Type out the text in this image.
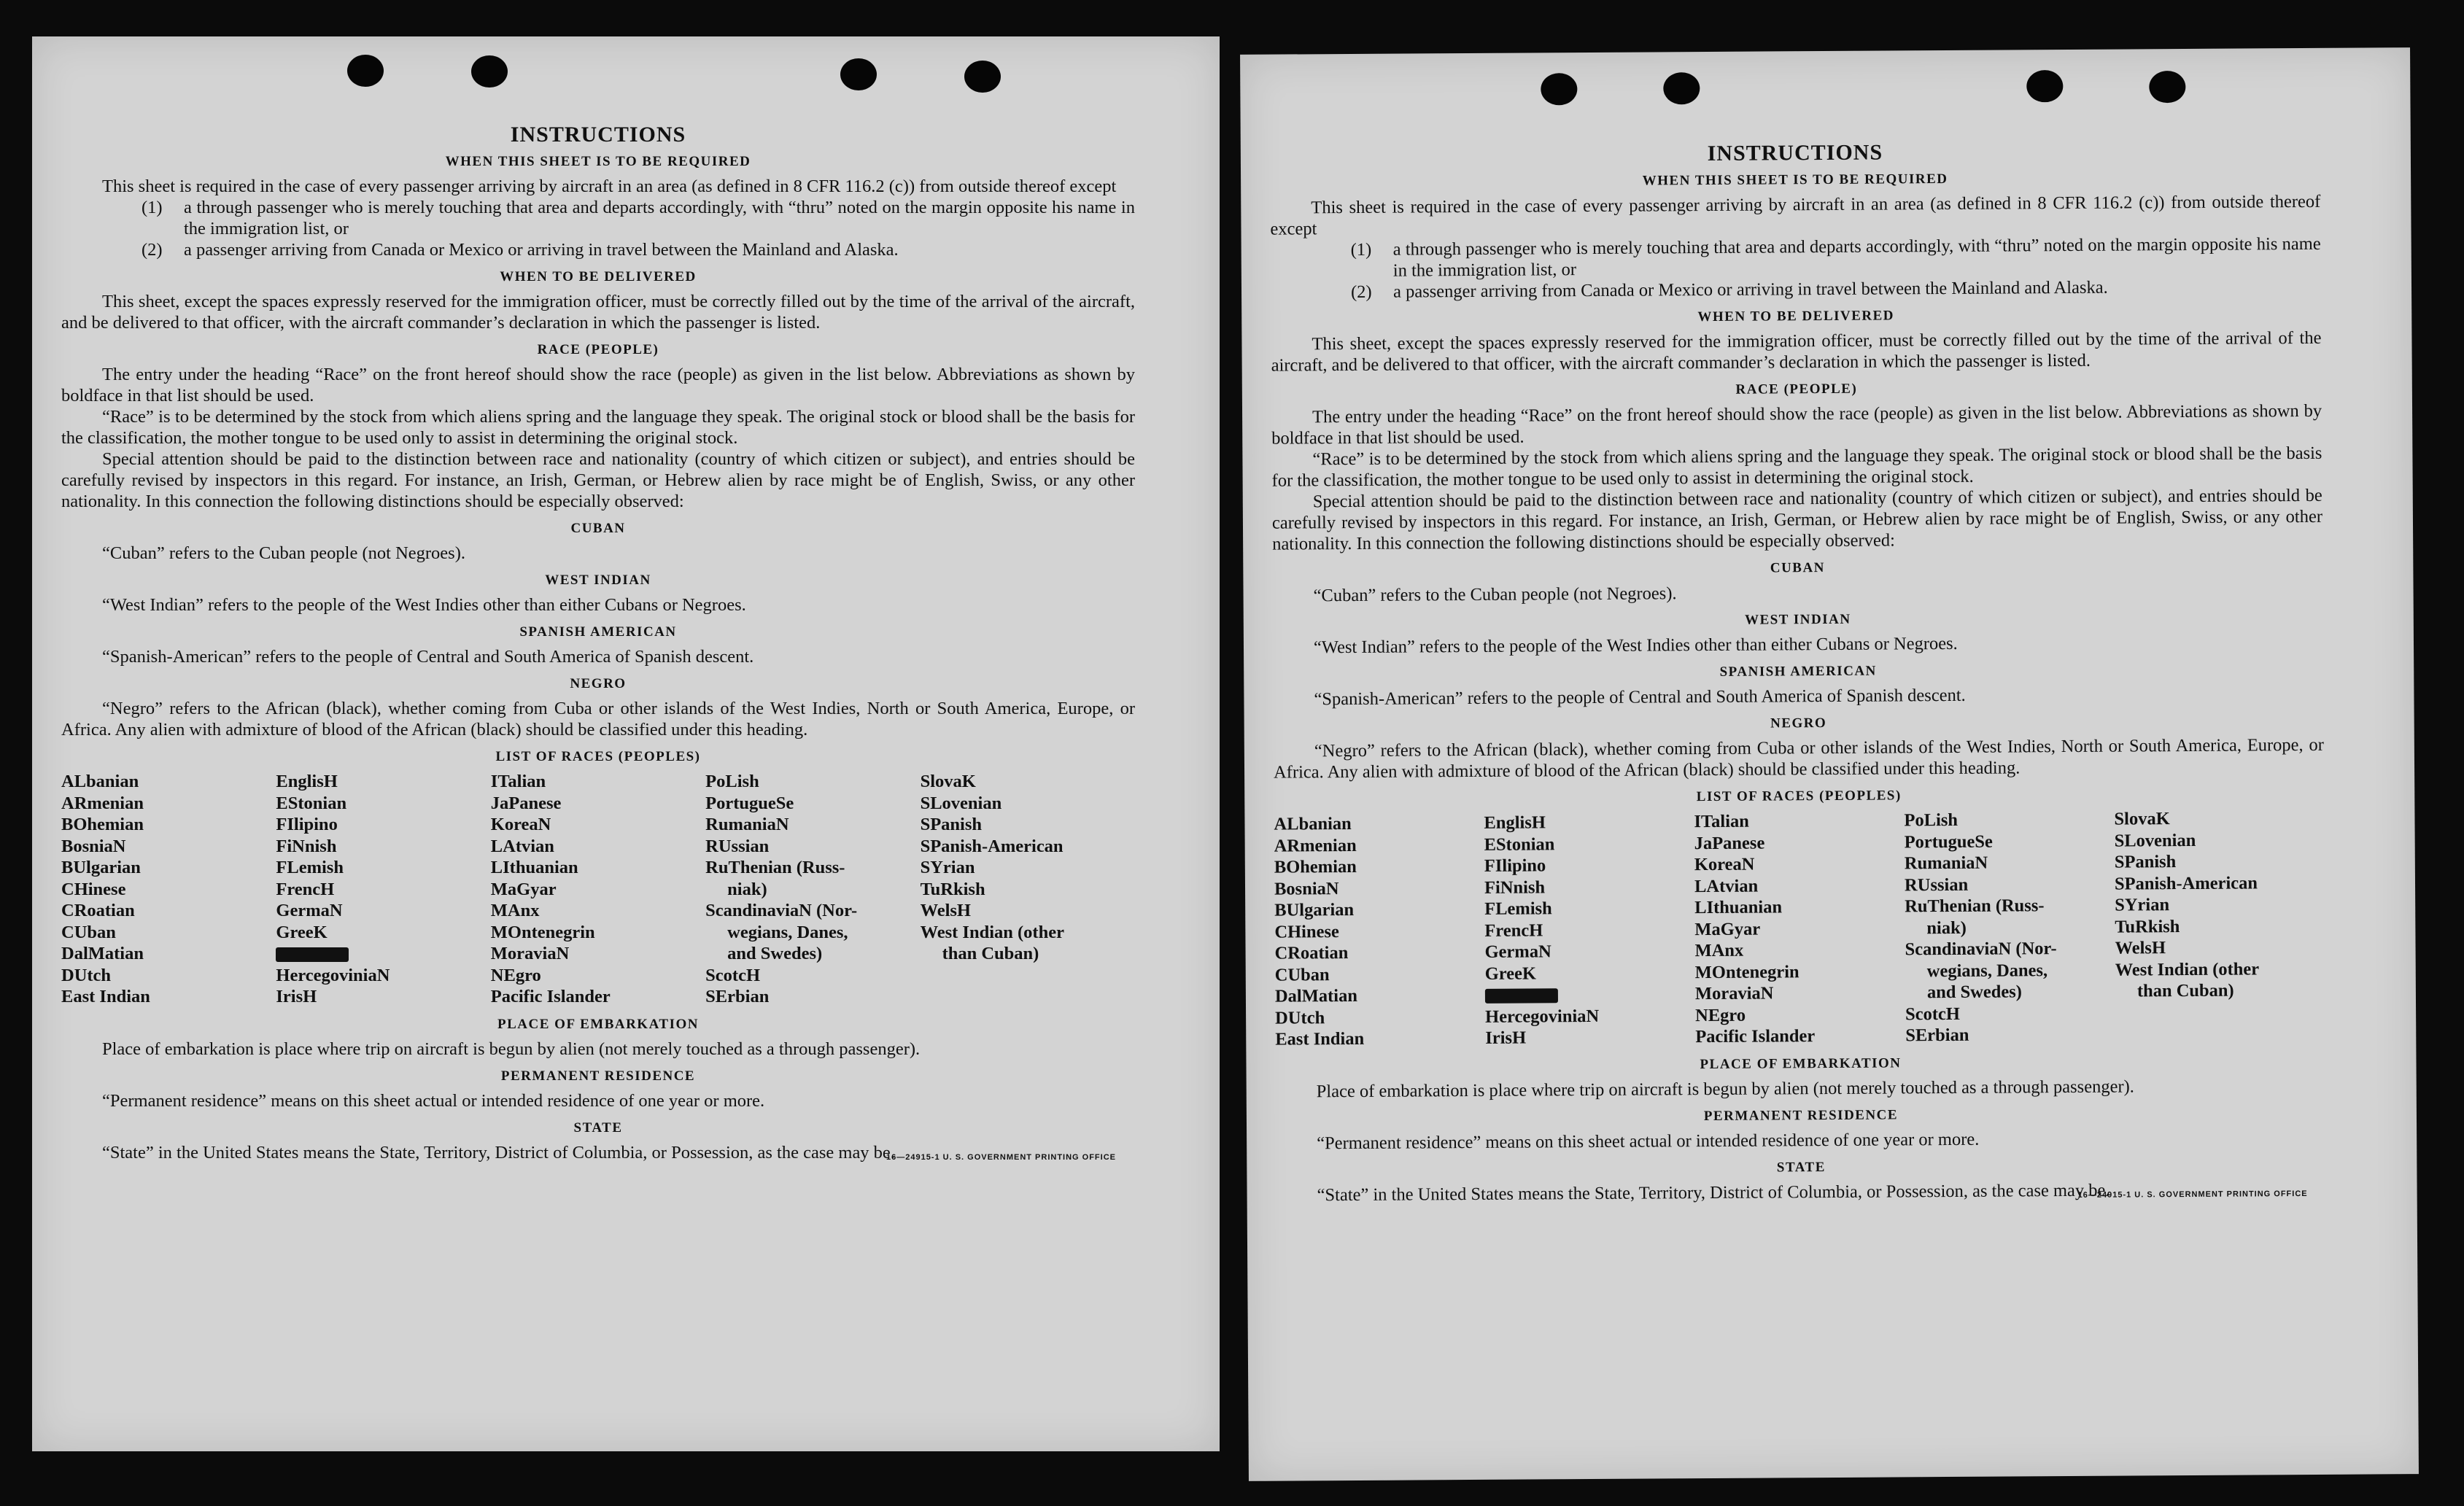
INSTRUCTIONS
WHEN THIS SHEET IS TO BE REQUIRED

This sheet is required in the case of every passenger arriving by aircraft in an area (as defined in 8 CFR 116.2 (c)) from outside thereof except

(1)	a through passenger who is merely touching that area and departs accordingly, with “thru” noted on the margin opposite his name in the immigration list, or
(2)	a passenger arriving from Canada or Mexico or arriving in travel between the Mainland and Alaska.
WHEN TO BE DELIVERED

This sheet, except the spaces expressly reserved for the immigration officer, must be correctly filled out by the time of the arrival of the aircraft, and be delivered to that officer, with the aircraft commander’s declaration in which the passenger is listed.

RACE (PEOPLE)

The entry under the heading “Race” on the front hereof should show the race (people) as given in the list below. Abbreviations as shown by boldface in that list should be used.

“Race” is to be determined by the stock from which aliens spring and the language they speak. The original stock or blood shall be the basis for the classification, the mother tongue to be used only to assist in determining the original stock.

Special attention should be paid to the distinction between race and nationality (country of which citizen or subject), and entries should be carefully revised by inspectors in this regard. For instance, an Irish, German, or Hebrew alien by race might be of English, Swiss, or any other nationality. In this connection the following distinctions should be especially observed:

CUBAN

“Cuban” refers to the Cuban people (not Negroes).

WEST INDIAN

“West Indian” refers to the people of the West Indies other than either Cubans or Negroes.

SPANISH AMERICAN

“Spanish-American” refers to the people of Central and South America of Spanish descent.

NEGRO

“Negro” refers to the African (black), whether coming from Cuba or other islands of the West Indies, North or South America, Europe, or Africa. Any alien with admixture of blood of the African (black) should be classified under this heading.

LIST OF RACES (PEOPLES)
ALbanian
ARmenian
BOhemian
BosniaN
BUlgarian
CHinese
CRoatian
CUban
DalMatian
DUtch
East Indian
EnglisH
EStonian
FIlipino
FiNnish
FLemish
FrencH
GermaN
GreeK
HercegoviniaN
IrisH
ITalian
JaPanese
KoreaN
LAtvian
LIthuanian
MaGyar
MAnx
MOntenegrin
MoraviaN
NEgro
Pacific Islander
PoLish
PortugueSe
RumaniaN
RUssian
RuThenian (Russ-
niak)
ScandinaviaN (Nor-
wegians, Danes,
and Swedes)
ScotcH
SErbian
SlovaK
SLovenian
SPanish
SPanish-American
SYrian
TuRkish
WelsH
West Indian (other
than Cuban)
PLACE OF EMBARKATION

Place of embarkation is place where trip on aircraft is begun by alien (not merely touched as a through passenger).

PERMANENT RESIDENCE

“Permanent residence” means on this sheet actual or intended residence of one year or more.

STATE

“State” in the United States means the State, Territory, District of Columbia, or Possession, as the case may be.

16—24915-1 U. S. GOVERNMENT PRINTING OFFICE
INSTRUCTIONS
WHEN THIS SHEET IS TO BE REQUIRED

This sheet is required in the case of every passenger arriving by aircraft in an area (as defined in 8 CFR 116.2 (c)) from outside thereof except

(1)	a through passenger who is merely touching that area and departs accordingly, with “thru” noted on the margin opposite his name in the immigration list, or
(2)	a passenger arriving from Canada or Mexico or arriving in travel between the Mainland and Alaska.
WHEN TO BE DELIVERED

This sheet, except the spaces expressly reserved for the immigration officer, must be correctly filled out by the time of the arrival of the aircraft, and be delivered to that officer, with the aircraft commander’s declaration in which the passenger is listed.

RACE (PEOPLE)

The entry under the heading “Race” on the front hereof should show the race (people) as given in the list below. Abbreviations as shown by boldface in that list should be used.

“Race” is to be determined by the stock from which aliens spring and the language they speak. The original stock or blood shall be the basis for the classification, the mother tongue to be used only to assist in determining the original stock.

Special attention should be paid to the distinction between race and nationality (country of which citizen or subject), and entries should be carefully revised by inspectors in this regard. For instance, an Irish, German, or Hebrew alien by race might be of English, Swiss, or any other nationality. In this connection the following distinctions should be especially observed:

CUBAN

“Cuban” refers to the Cuban people (not Negroes).

WEST INDIAN

“West Indian” refers to the people of the West Indies other than either Cubans or Negroes.

SPANISH AMERICAN

“Spanish-American” refers to the people of Central and South America of Spanish descent.

NEGRO

“Negro” refers to the African (black), whether coming from Cuba or other islands of the West Indies, North or South America, Europe, or Africa. Any alien with admixture of blood of the African (black) should be classified under this heading.

LIST OF RACES (PEOPLES)
ALbanian
ARmenian
BOhemian
BosniaN
BUlgarian
CHinese
CRoatian
CUban
DalMatian
DUtch
East Indian
EnglisH
EStonian
FIlipino
FiNnish
FLemish
FrencH
GermaN
GreeK
HercegoviniaN
IrisH
ITalian
JaPanese
KoreaN
LAtvian
LIthuanian
MaGyar
MAnx
MOntenegrin
MoraviaN
NEgro
Pacific Islander
PoLish
PortugueSe
RumaniaN
RUssian
RuThenian (Russ-
niak)
ScandinaviaN (Nor-
wegians, Danes,
and Swedes)
ScotcH
SErbian
SlovaK
SLovenian
SPanish
SPanish-American
SYrian
TuRkish
WelsH
West Indian (other
than Cuban)
PLACE OF EMBARKATION

Place of embarkation is place where trip on aircraft is begun by alien (not merely touched as a through passenger).

PERMANENT RESIDENCE

“Permanent residence” means on this sheet actual or intended residence of one year or more.

STATE

“State” in the United States means the State, Territory, District of Columbia, or Possession, as the case may be.

16—24915-1 U. S. GOVERNMENT PRINTING OFFICE
